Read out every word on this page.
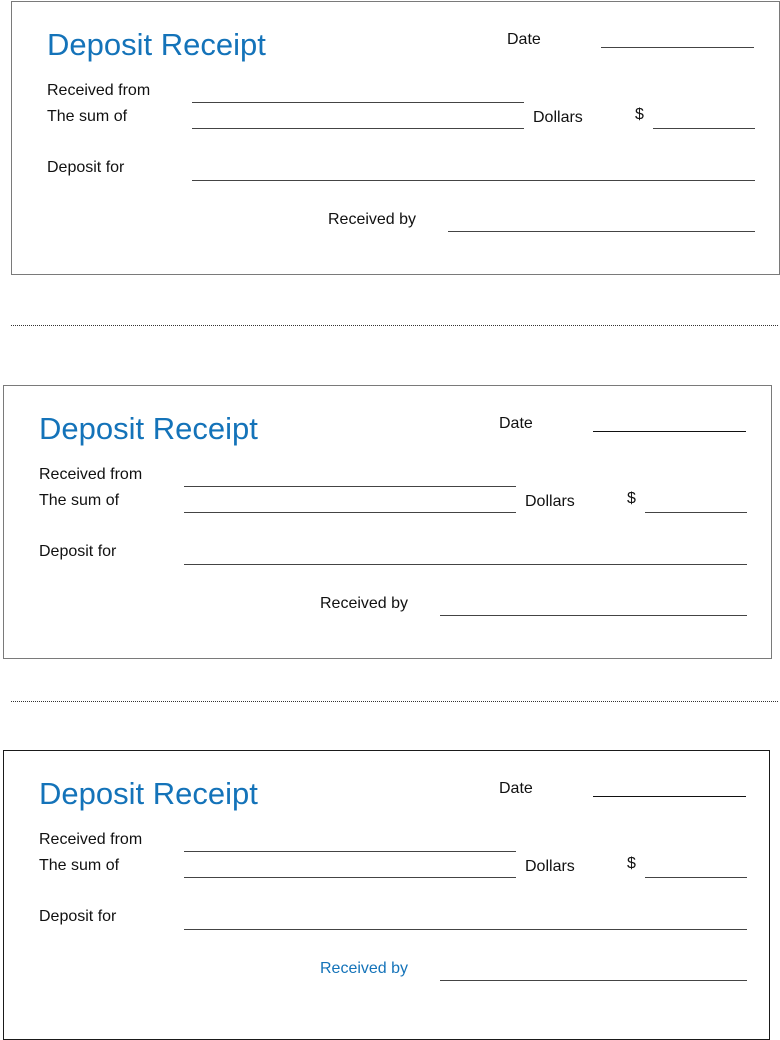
Deposit Receipt	Date
Received from
The sum of	Dollars	$
Deposit for
Received by
Deposit Receipt	Date
Received from
The sum of	Dollars	$
Deposit for
Received by
Deposit Receipt	Date
Received from
The sum of	Dollars	$
Deposit for
Received by
